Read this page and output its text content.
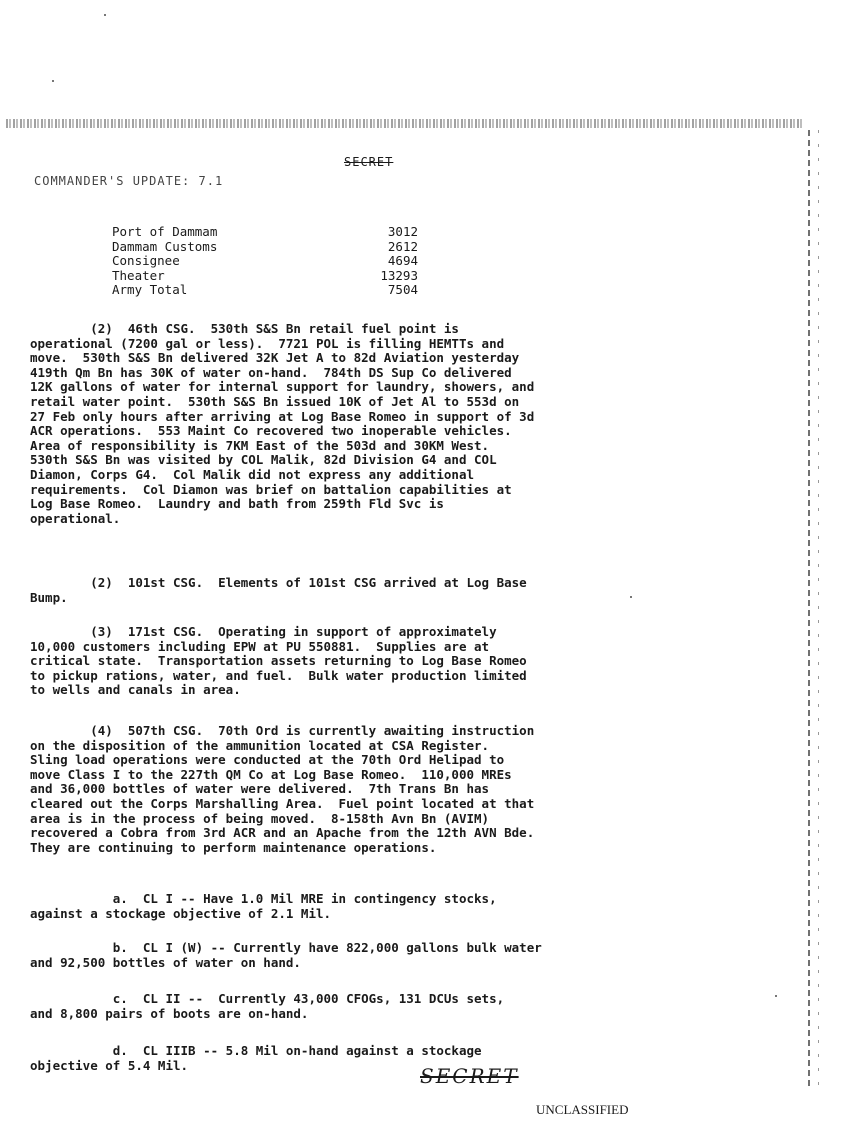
SECRET
COMMANDER'S UPDATE: 7.1
Port of Dammam	3012
Dammam Customs	2612
Consignee	4694
Theater	13293
Army Total	7504
(2)  46th CSG.  530th S&S Bn retail fuel point is
operational (7200 gal or less).  7721 POL is filling HEMTTs and
move.  530th S&S Bn delivered 32K Jet A to 82d Aviation yesterday
419th Qm Bn has 30K of water on-hand.  784th DS Sup Co delivered
12K gallons of water for internal support for laundry, showers, and
retail water point.  530th S&S Bn issued 10K of Jet Al to 553d on
27 Feb only hours after arriving at Log Base Romeo in support of 3d
ACR operations.  553 Maint Co recovered two inoperable vehicles.
Area of responsibility is 7KM East of the 503d and 30KM West.
530th S&S Bn was visited by COL Malik, 82d Division G4 and COL
Diamon, Corps G4.  Col Malik did not express any additional
requirements.  Col Diamon was brief on battalion capabilities at
Log Base Romeo.  Laundry and bath from 259th Fld Svc is
operational.
(2)  101st CSG.  Elements of 101st CSG arrived at Log Base
Bump.
(3)  171st CSG.  Operating in support of approximately
10,000 customers including EPW at PU 550881.  Supplies are at
critical state.  Transportation assets returning to Log Base Romeo
to pickup rations, water, and fuel.  Bulk water production limited
to wells and canals in area.
(4)  507th CSG.  70th Ord is currently awaiting instruction
on the disposition of the ammunition located at CSA Register.
Sling load operations were conducted at the 70th Ord Helipad to
move Class I to the 227th QM Co at Log Base Romeo.  110,000 MREs
and 36,000 bottles of water were delivered.  7th Trans Bn has
cleared out the Corps Marshalling Area.  Fuel point located at that
area is in the process of being moved.  8-158th Avn Bn (AVIM)
recovered a Cobra from 3rd ACR and an Apache from the 12th AVN Bde.
They are continuing to perform maintenance operations.
a.  CL I -- Have 1.0 Mil MRE in contingency stocks,
against a stockage objective of 2.1 Mil.
b.  CL I (W) -- Currently have 822,000 gallons bulk water
and 92,500 bottles of water on hand.
c.  CL II --  Currently 43,000 CFOGs, 131 DCUs sets,
and 8,800 pairs of boots are on-hand.
d.  CL IIIB -- 5.8 Mil on-hand against a stockage
objective of 5.4 Mil.	SECRET
UNCLASSIFIED
